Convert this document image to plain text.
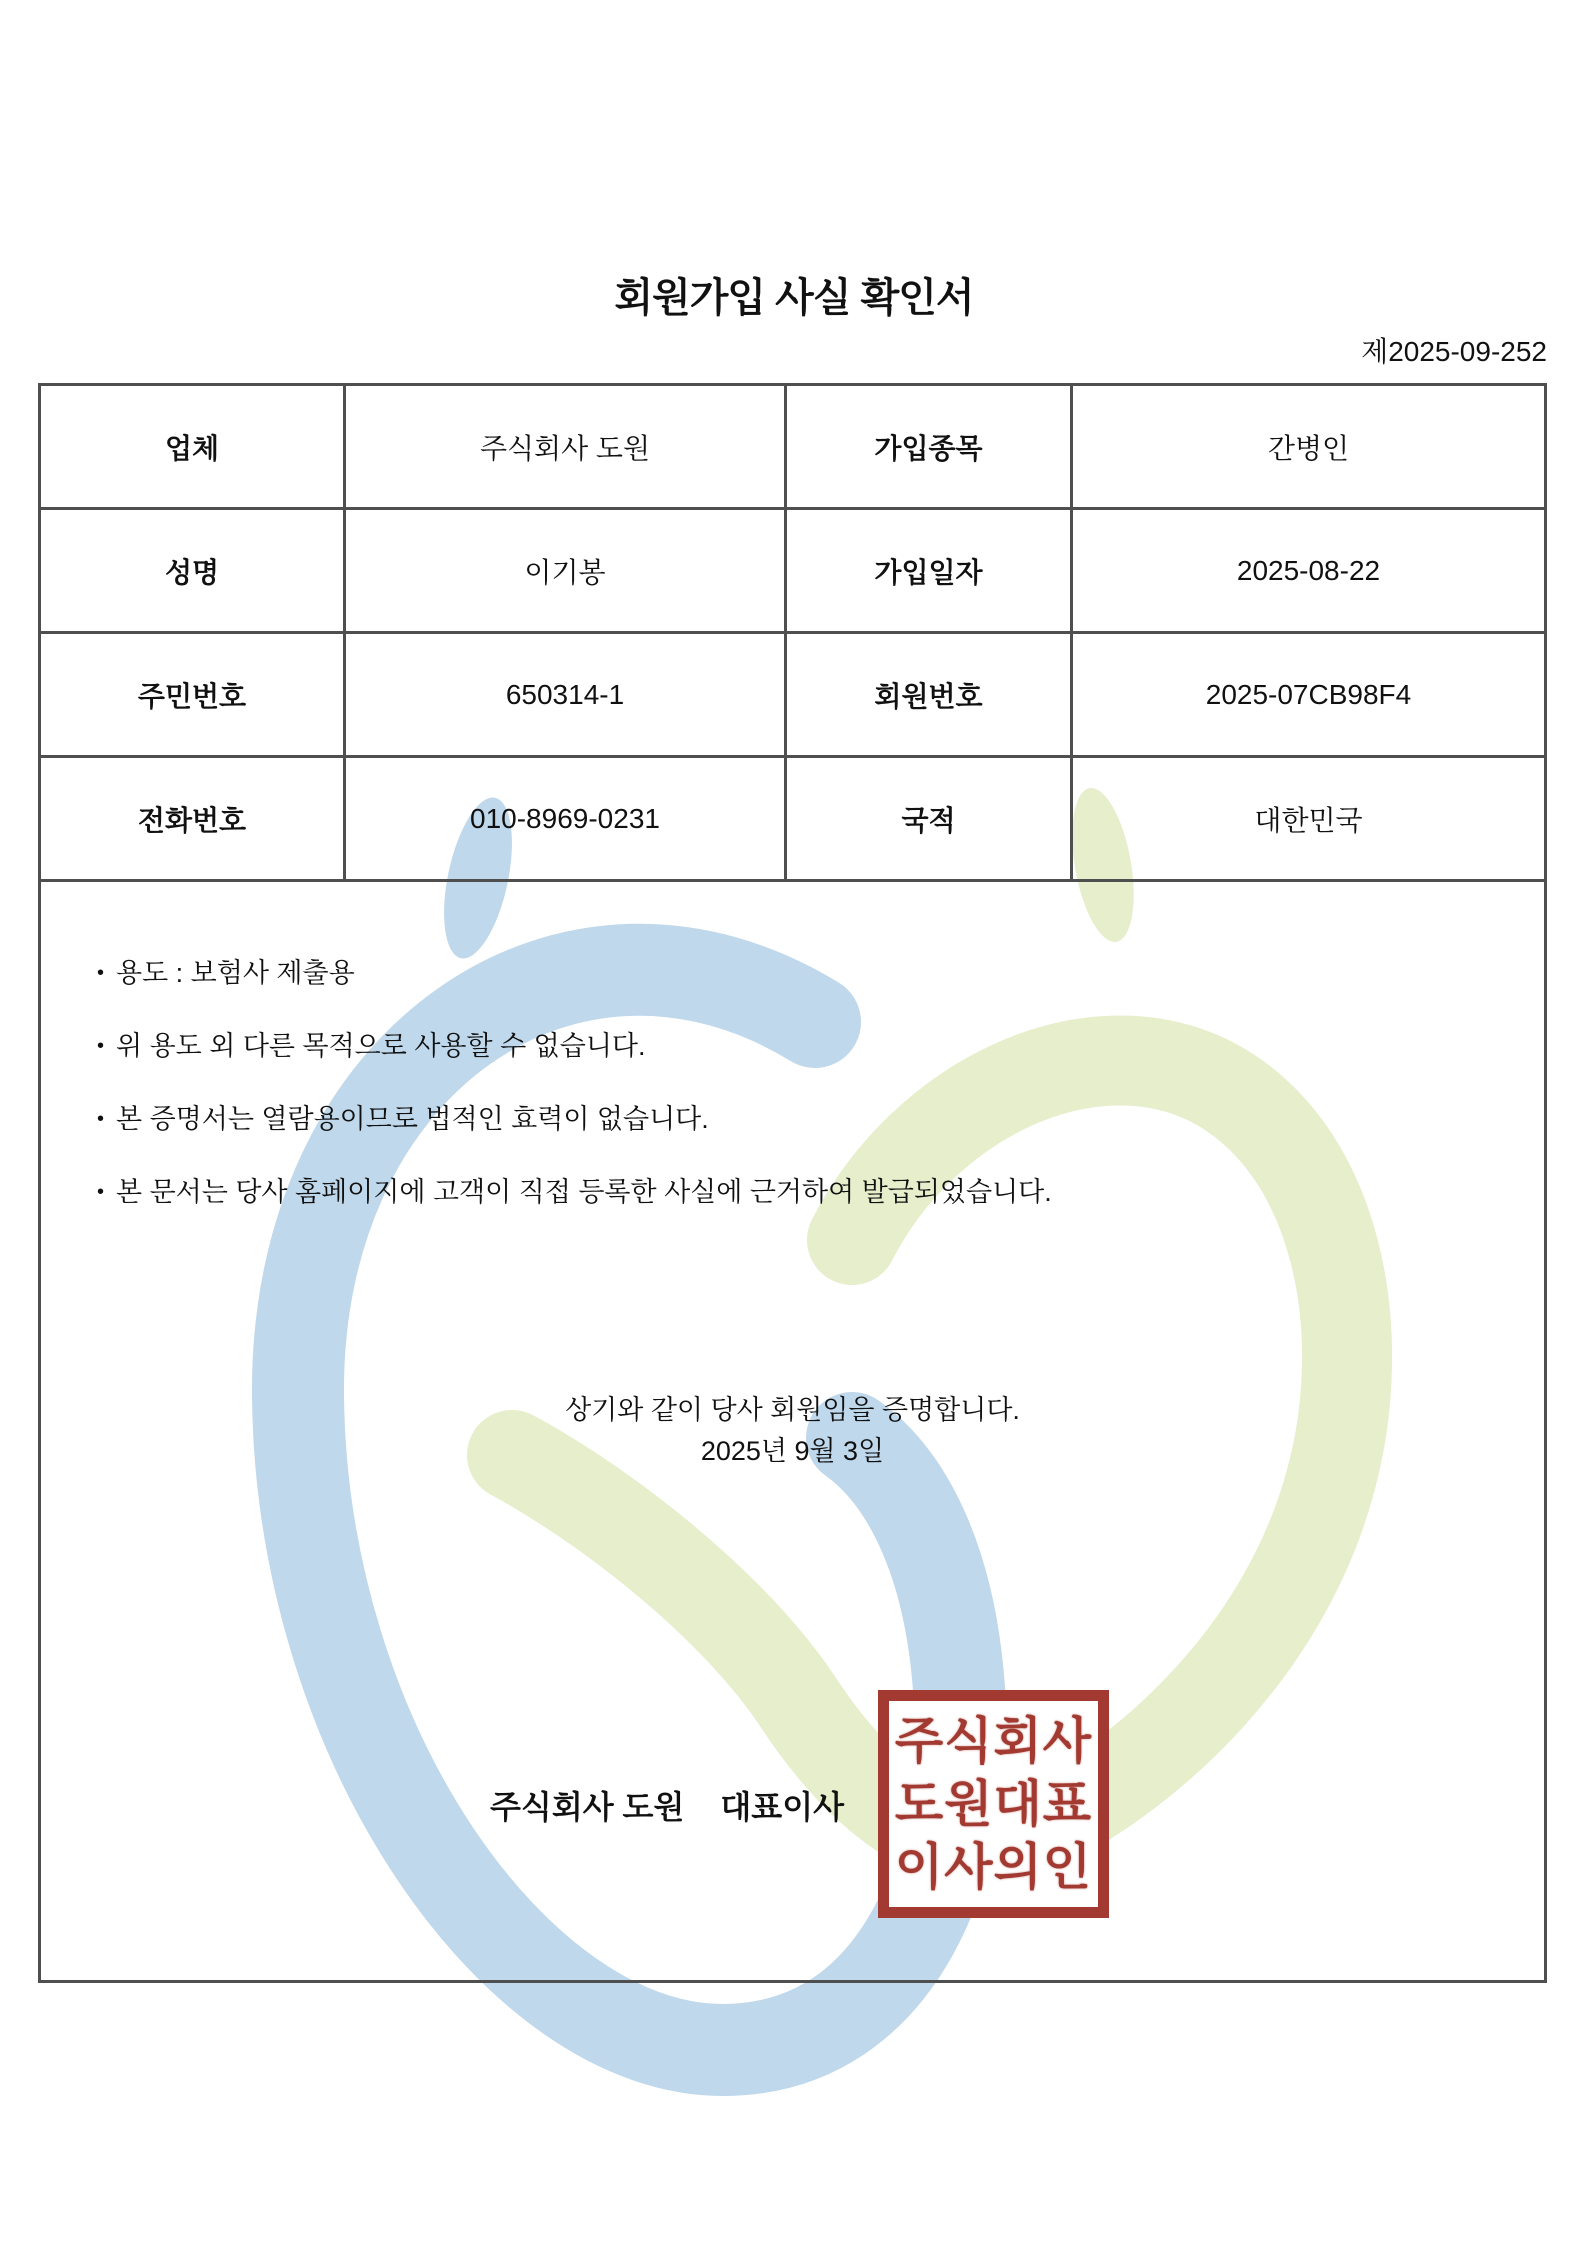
회원가입 사실 확인서
제2025-09-252
업체	주식회사 도원	가입종목	간병인
성명	이기봉	가입일자	2025-08-22
주민번호	650314-1	회원번호	2025-07CB98F4
전화번호	010-8969-0231	국적	대한민국
• 용도 : 보험사 제출용
• 위 용도 외 다른 목적으로 사용할 수 없습니다.
• 본 증명서는 열람용이므로 법적인 효력이 없습니다.
• 본 문서는 당사 홈페이지에 고객이 직접 등록한 사실에 근거하여 발급되었습니다.
상기와 같이 당사 회원임을 증명합니다.
2025년 9월 3일
주식회사 도원 대표이사
주식회사
도원대표
이사의인
